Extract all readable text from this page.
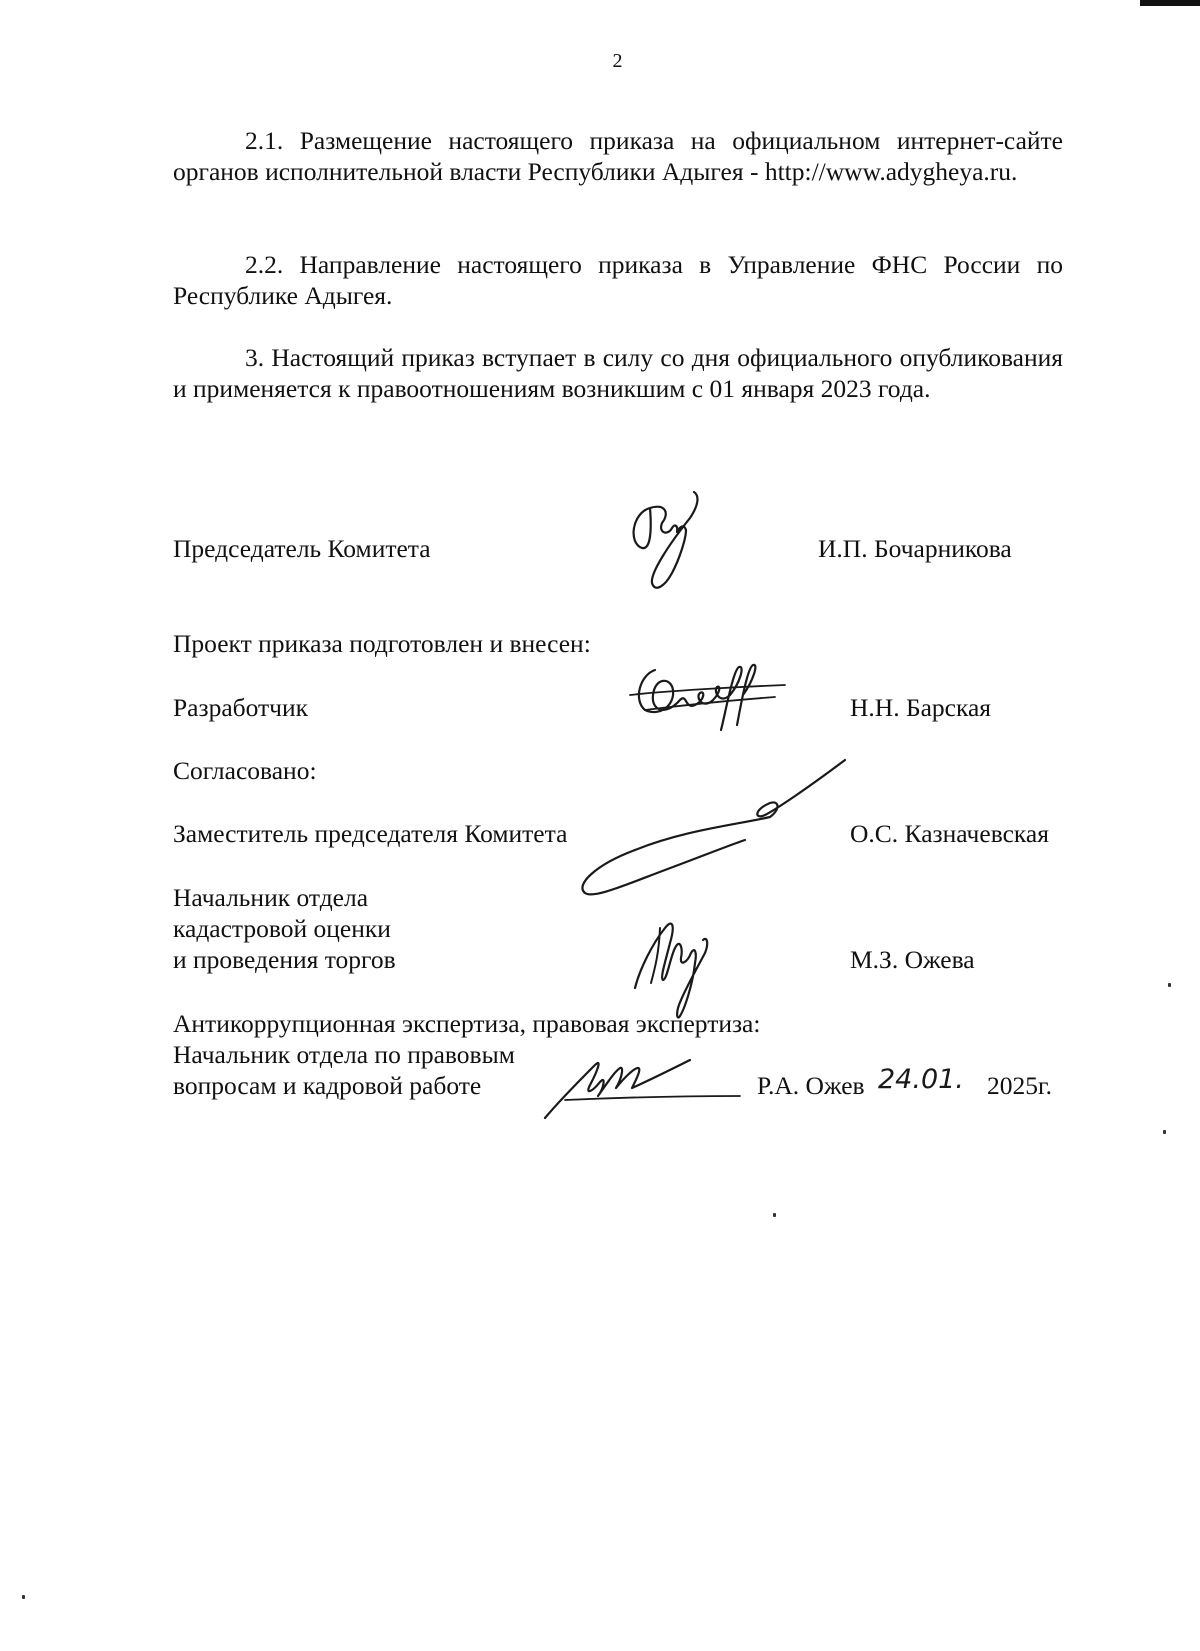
2

2.1. Размещение настоящего приказа на официальном интернет-сайте органов исполнительной власти Республики Адыгея - http://www.adygheya.ru.

2.2. Направление настоящего приказа в Управление ФНС России по Республике Адыгея.

3. Настоящий приказ вступает в силу со дня официального опубликования и применяется к правоотношениям возникшим с 01 января 2023 года.

Председатель Комитета	И.П. Бочарникова
Проект приказа подготовлен и внесен:
Разработчик	Н.Н. Барская
Согласовано:
Заместитель председателя Комитета	О.С. Казначевская
Начальник отдела
кадастровой оценки
и проведения торгов	М.З. Ожева
Антикоррупционная экспертиза, правовая экспертиза:
Начальник отдела по правовым
вопросам и кадровой работе	Р.А. Ожев 24.01. 2025г.
